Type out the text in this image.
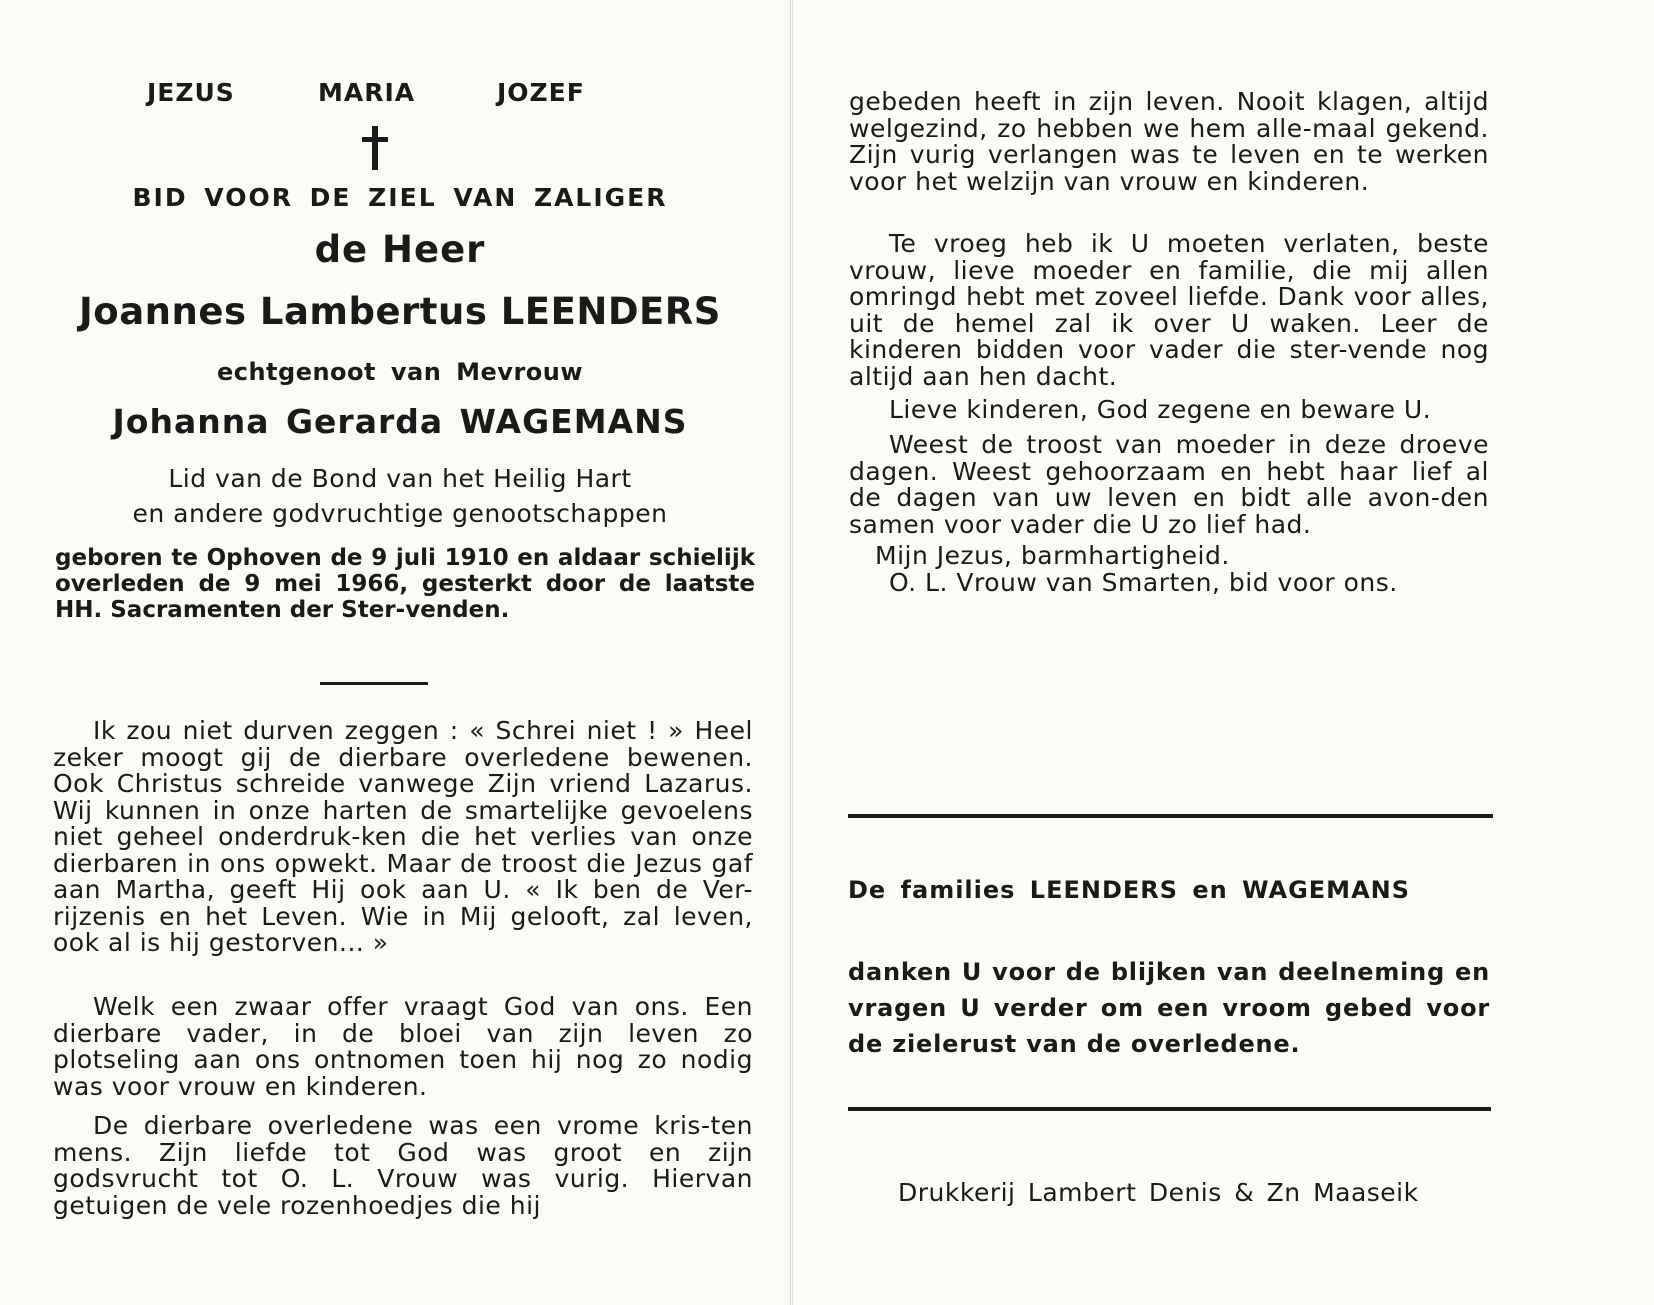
JEZUS	MARIA	JOZEF
BID VOOR DE ZIEL VAN ZALIGER
de Heer
Joannes Lambertus LEENDERS
echtgenoot van Mevrouw
Johanna Gerarda WAGEMANS
Lid van de Bond van het Heilig Hart
en andere godvruchtige genootschappen
geboren te Ophoven de 9 juli 1910 en aldaar schielijk overleden de 9 mei 1966, gesterkt door de laatste HH. Sacramenten der Ster-venden.
Ik zou niet durven zeggen : « Schrei niet ! » Heel zeker moogt gij de dierbare overledene bewenen. Ook Christus schreide vanwege Zijn vriend Lazarus. Wij kunnen in onze harten de smartelijke gevoelens niet geheel onderdruk-ken die het verlies van onze dierbaren in ons opwekt. Maar de troost die Jezus gaf aan Martha, geeft Hij ook aan U. « Ik ben de Ver-rijzenis en het Leven. Wie in Mij gelooft, zal leven, ook al is hij gestorven... »
Welk een zwaar offer vraagt God van ons. Een dierbare vader, in de bloei van zijn leven zo plotseling aan ons ontnomen toen hij nog zo nodig was voor vrouw en kinderen.
De dierbare overledene was een vrome kris-ten mens. Zijn liefde tot God was groot en zijn godsvrucht tot O. L. Vrouw was vurig. Hiervan getuigen de vele rozenhoedjes die hij
gebeden heeft in zijn leven. Nooit klagen, altijd welgezind, zo hebben we hem alle-maal gekend. Zijn vurig verlangen was te leven en te werken voor het welzijn van vrouw en kinderen.
Te vroeg heb ik U moeten verlaten, beste vrouw, lieve moeder en familie, die mij allen omringd hebt met zoveel liefde. Dank voor alles, uit de hemel zal ik over U waken. Leer de kinderen bidden voor vader die ster-vende nog altijd aan hen dacht.
Lieve kinderen, God zegene en beware U.
Weest de troost van moeder in deze droeve dagen. Weest gehoorzaam en hebt haar lief al de dagen van uw leven en bidt alle avon-den samen voor vader die U zo lief had.
Mijn Jezus, barmhartigheid.
O. L. Vrouw van Smarten, bid voor ons.
De families LEENDERS en WAGEMANS
danken U voor de blijken van deelneming en vragen U verder om een vroom gebed voor de zielerust van de overledene.
Drukkerij Lambert Denis & Zn Maaseik
